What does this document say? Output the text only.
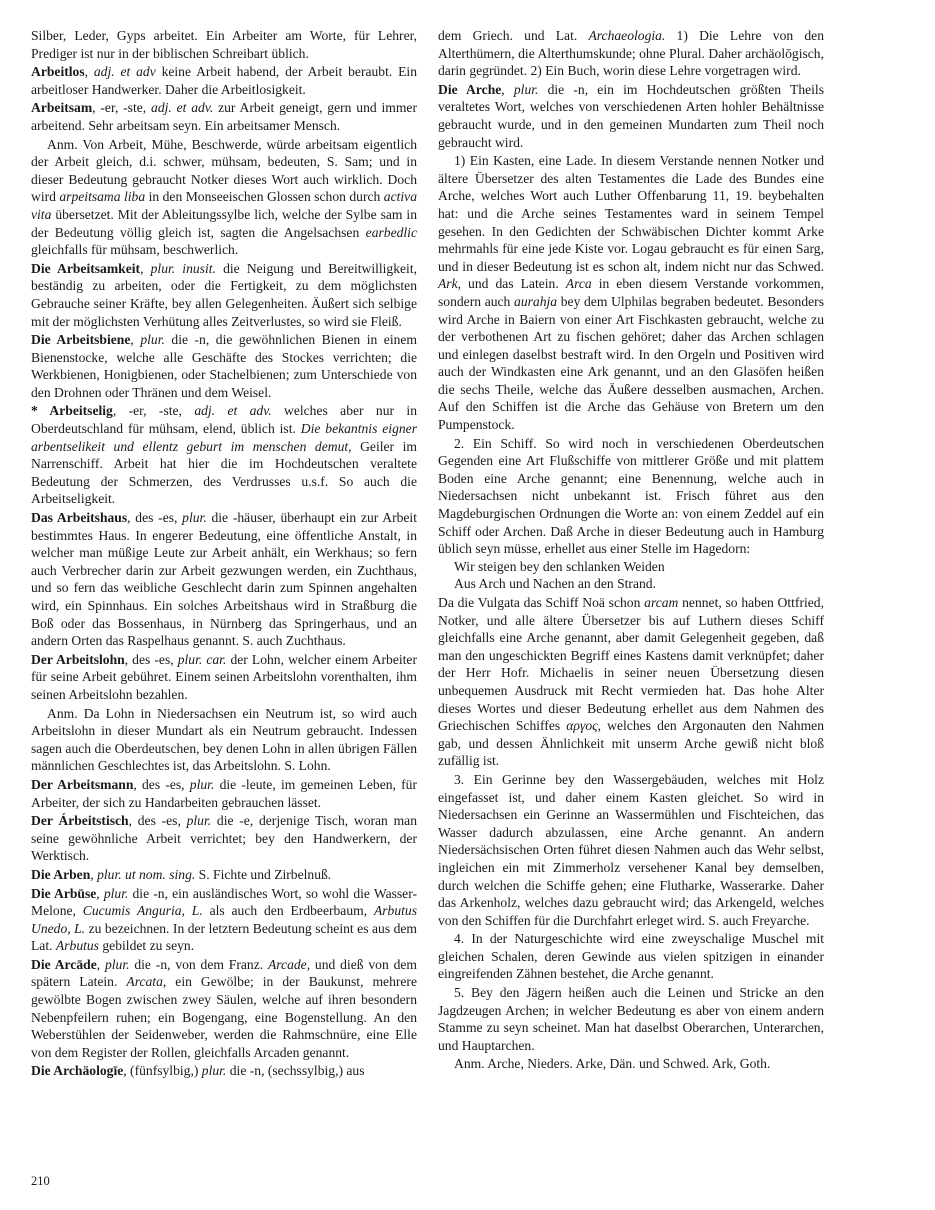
Silber, Leder, Gyps arbeitet. Ein Arbeiter am Worte, für Lehrer, Prediger ist nur in der biblischen Schreibart üblich.

Arbeitlos, adj. et adv keine Arbeit habend, der Arbeit beraubt. Ein arbeitloser Handwerker. Daher die Arbeitlosigkeit.

Arbeitsam, -er, -ste, adj. et adv. zur Arbeit geneigt, gern und immer arbeitend. Sehr arbeitsam seyn. Ein arbeitsamer Mensch.

Anm. Von Arbeit, Mühe, Beschwerde, würde arbeitsam eigentlich der Arbeit gleich, d.i. schwer, mühsam, bedeuten, S. Sam; und in dieser Bedeutung gebraucht Notker dieses Wort auch wirklich. Doch wird arpeitsama liba in den Monseeischen Glossen schon durch activa vita übersetzet. Mit der Ableitungssylbe lich, welche der Sylbe sam in der Bedeutung völlig gleich ist, sagten die Angelsachsen earbedlic gleichfalls für mühsam, beschwerlich.

Die Arbeitsamkeit, plur. inusit. die Neigung und Bereitwilligkeit, beständig zu arbeiten, oder die Fertigkeit, zu dem möglichsten Gebrauche seiner Kräfte, bey allen Gelegenheiten. Äußert sich selbige mit der möglichsten Verhütung alles Zeitverlustes, so wird sie Fleiß.

Die Arbeitsbiene, plur. die -n, die gewöhnlichen Bienen in einem Bienenstocke, welche alle Geschäfte des Stockes verrichten; die Werkbienen, Honigbienen, oder Stachelbienen; zum Unterschiede von den Drohnen oder Thränen und dem Weisel.

* Arbeitselig, -er, -ste, adj. et adv. welches aber nur in Oberdeutschland für mühsam, elend, üblich ist. Die bekantnis eigner arbentselikeit und ellentz geburt im menschen demut, Geiler im Narrenschiff. Arbeit hat hier die im Hochdeutschen veraltete Bedeutung der Schmerzen, des Verdrusses u.s.f. So auch die Arbeitseligkeit.

Das Arbeitshaus, des -es, plur. die -häuser, überhaupt ein zur Arbeit bestimmtes Haus. In engerer Bedeutung, eine öffentliche Anstalt, in welcher man müßige Leute zur Arbeit anhält, ein Werkhaus; so fern auch Verbrecher darin zur Arbeit gezwungen werden, ein Zuchthaus, und so fern das weibliche Geschlecht darin zum Spinnen angehalten wird, ein Spinnhaus. Ein solches Arbeitshaus wird in Straßburg die Boß oder das Bossenhaus, in Nürnberg das Springerhaus, und an andern Orten das Raspelhaus genannt. S. auch Zuchthaus.

Der Arbeitslohn, des -es, plur. car. der Lohn, welcher einem Arbeiter für seine Arbeit gebühret. Einem seinen Arbeitslohn vorenthalten, ihm seinen Arbeitslohn bezahlen.

Anm. Da Lohn in Niedersachsen ein Neutrum ist, so wird auch Arbeitslohn in dieser Mundart als ein Neutrum gebraucht. Indessen sagen auch die Oberdeutschen, bey denen Lohn in allen übrigen Fällen männlichen Geschlechtes ist, das Arbeitslohn. S. Lohn.

Der Arbeitsmann, des -es, plur. die -leute, im gemeinen Leben, für Arbeiter, der sich zu Handarbeiten gebrauchen lässet.

Der Árbeitstisch, des -es, plur. die -e, derjenige Tisch, woran man seine gewöhnliche Arbeit verrichtet; bey den Handwerkern, der Werktisch.

Die Arben, plur. ut nom. sing. S. Fichte und Zirbelnuß.

Die Arbūse, plur. die -n, ein ausländisches Wort, so wohl die Wasser-Melone, Cucumis Anguria, L. als auch den Erdbeerbaum, Arbutus Unedo, L. zu bezeichnen. In der letztern Bedeutung scheint es aus dem Lat. Arbutus gebildet zu seyn.

Die Arcāde, plur. die -n, von dem Franz. Arcade, und dieß von dem spätern Latein. Arcata, ein Gewölbe; in der Baukunst, mehrere gewölbte Bogen zwischen zwey Säulen, welche auf ihren besondern Nebenpfeilern ruhen; ein Bogengang, eine Bogenstellung. An den Weberstühlen der Seidenweber, werden die Rahmschnüre, eine Elle von dem Register der Rollen, gleichfalls Arcaden genannt.

Die Archäologīe, (fünfsylbig,) plur. die -n, (sechssylbig,) aus

dem Griech. und Lat. Archaeologia. 1) Die Lehre von den Alterthümern, die Alterthumskunde; ohne Plural. Daher archäolōgisch, darin gegründet. 2) Ein Buch, worin diese Lehre vorgetragen wird.

Die Arche, plur. die -n, ein im Hochdeutschen größten Theils veraltetes Wort, welches von verschiedenen Arten hohler Behältnisse gebraucht wurde, und in den gemeinen Mundarten zum Theil noch gebraucht wird.

1) Ein Kasten, eine Lade. In diesem Verstande nennen Notker und ältere Übersetzer des alten Testamentes die Lade des Bundes eine Arche, welches Wort auch Luther Offenbarung 11, 19. beybehalten hat: und die Arche seines Testamentes ward in seinem Tempel gesehen. In den Gedichten der Schwäbischen Dichter kommt Arke mehrmahls für eine jede Kiste vor. Logau gebraucht es für einen Sarg, und in dieser Bedeutung ist es schon alt, indem nicht nur das Schwed. Ark, und das Latein. Arca in eben diesem Verstande vorkommen, sondern auch aurahja bey dem Ulphilas begraben bedeutet. Besonders wird Arche in Baiern von einer Art Fischkasten gebraucht, welche zu der verbothenen Art zu fischen gehöret; daher das Archen schlagen und einlegen daselbst bestraft wird. In den Orgeln und Positiven wird auch der Windkasten eine Ark genannt, und an den Glasöfen heißen die sechs Theile, welche das Äußere desselben ausmachen, Archen. Auf den Schiffen ist die Arche das Gehäuse von Bretern um den Pumpenstock.

2. Ein Schiff. So wird noch in verschiedenen Oberdeutschen Gegenden eine Art Flußschiffe von mittlerer Größe und mit plattem Boden eine Arche genannt; eine Benennung, welche auch in Niedersachsen nicht unbekannt ist. Frisch führet aus den Magdeburgischen Ordnungen die Worte an: von einem Zeddel auf ein Schiff oder Archen. Daß Arche in dieser Bedeutung auch in Hamburg üblich seyn müsse, erhellet aus einer Stelle im Hagedorn:

Wir steigen bey den schlanken Weiden

Aus Arch und Nachen an den Strand.

Da die Vulgata das Schiff Noä schon arcam nennet, so haben Ottfried, Notker, und alle ältere Übersetzer bis auf Luthern dieses Schiff gleichfalls eine Arche genannt, aber damit Gelegenheit gegeben, daß man den ungeschickten Begriff eines Kastens damit verknüpfet; daher der Herr Hofr. Michaelis in seiner neuen Übersetzung diesen unbequemen Ausdruck mit Recht vermieden hat. Das hohe Alter dieses Wortes und dieser Bedeutung erhellet aus dem Nahmen des Griechischen Schiffes αργος, welches den Argonauten den Nahmen gab, und dessen Ähnlichkeit mit unserm Arche gewiß nicht bloß zufällig ist.

3. Ein Gerinne bey den Wassergebäuden, welches mit Holz eingefasset ist, und daher einem Kasten gleichet. So wird in Niedersachsen ein Gerinne an Wassermühlen und Fischteichen, das Wasser dadurch abzulassen, eine Arche genannt. An andern Niedersächsischen Orten führet diesen Nahmen auch das Wehr selbst, ingleichen ein mit Zimmerholz versehener Kanal bey demselben, durch welchen die Schiffe gehen; eine Flutharke, Wasserarke. Daher das Arkenholz, welches dazu gebraucht wird; das Arkengeld, welches von den Schiffen für die Durchfahrt erleget wird. S. auch Freyarche.

4. In der Naturgeschichte wird eine zweyschalige Muschel mit gleichen Schalen, deren Gewinde aus vielen spitzigen in einander eingreifenden Zähnen bestehet, die Arche genannt.

5. Bey den Jägern heißen auch die Leinen und Stricke an den Jagdzeugen Archen; in welcher Bedeutung es aber von einem andern Stamme zu seyn scheinet. Man hat daselbst Oberarchen, Unterarchen, und Hauptarchen.

Anm. Arche, Nieders. Arke, Dän. und Schwed. Ark, Goth.

210
